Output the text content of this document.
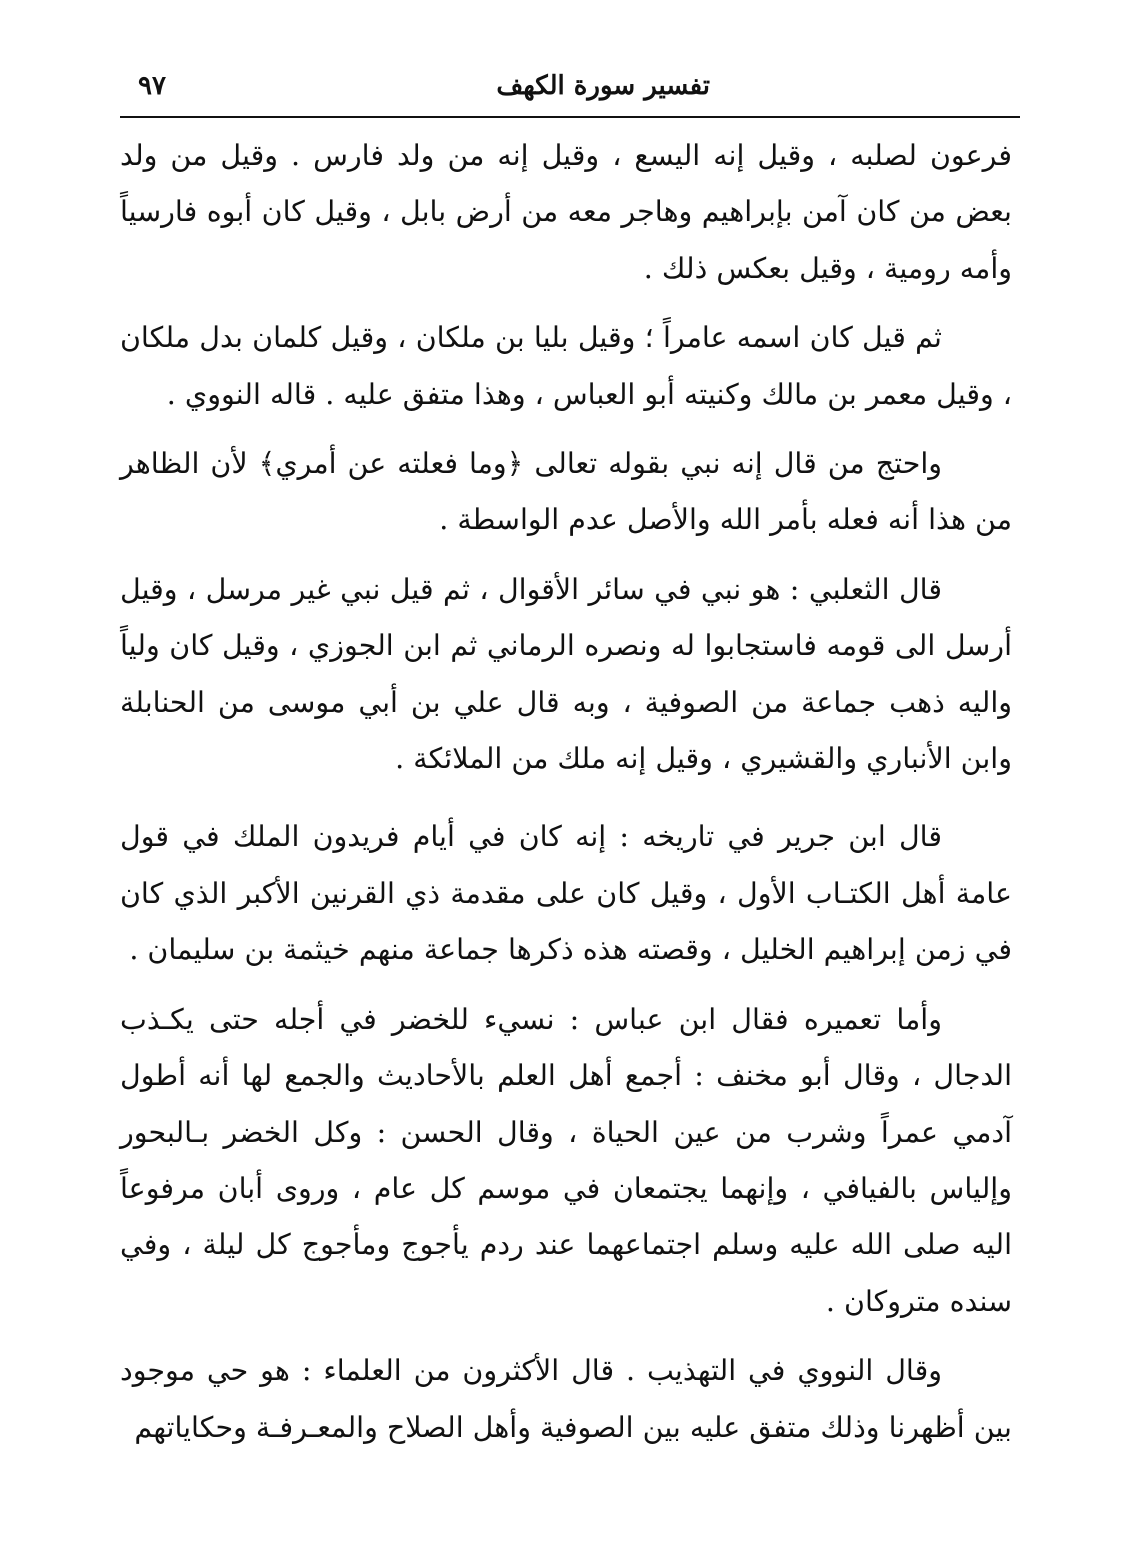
تفسير سورة الكهف
٩٧

فرعون لصلبه ، وقيل إنه اليسع ، وقيل إنه من ولد فارس . وقيل من ولد بعض من كان آمن بإبراهيم وهاجر معه من أرض بابل ، وقيل كان أبوه فارسياً وأمه رومية ، وقيل بعكس ذلك .

ثم قيل كان اسمه عامراً ؛ وقيل بليا بن ملكان ، وقيل كلمان بدل ملكان ، وقيل معمر بن مالك وكنيته أبو العباس ، وهذا متفق عليه . قاله النووي .

واحتج من قال إنه نبي بقوله تعالى ﴿وما فعلته عن أمري﴾ لأن الظاهر من هذا أنه فعله بأمر الله والأصل عدم الواسطة .

قال الثعلبي : هو نبي في سائر الأقوال ، ثم قيل نبي غير مرسل ، وقيل أرسل الى قومه فاستجابوا له ونصره الرماني ثم ابن الجوزي ، وقيل كان ولياً واليه ذهب جماعة من الصوفية ، وبه قال علي بن أبي موسى من الحنابلة وابن الأنباري والقشيري ، وقيل إنه ملك من الملائكة .

قال ابن جرير في تاريخه : إنه كان في أيام فريدون الملك في قول عامة أهل الكتـاب الأول ، وقيل كان على مقدمة ذي القرنين الأكبر الذي كان في زمن إبراهيم الخليل ، وقصته هذه ذكرها جماعة منهم خيثمة بن سليمان .

وأما تعميره فقال ابن عباس : نسيء للخضر في أجله حتى يكـذب الدجال ، وقال أبو مخنف : أجمع أهل العلم بالأحاديث والجمع لها أنه أطول آدمي عمراً وشرب من عين الحياة ، وقال الحسن : وكل الخضر بـالبحور وإلياس بالفيافي ، وإنهما يجتمعان في موسم كل عام ، وروى أبان مرفوعاً اليه صلى الله عليه وسلم اجتماعهما عند ردم يأجوج ومأجوج كل ليلة ، وفي سنده متروكان .

وقال النووي في التهذيب . قال الأكثرون من العلماء : هو حي موجود بين أظهرنا وذلك متفق عليه بين الصوفية وأهل الصلاح والمعـرفـة وحكاياتهم
